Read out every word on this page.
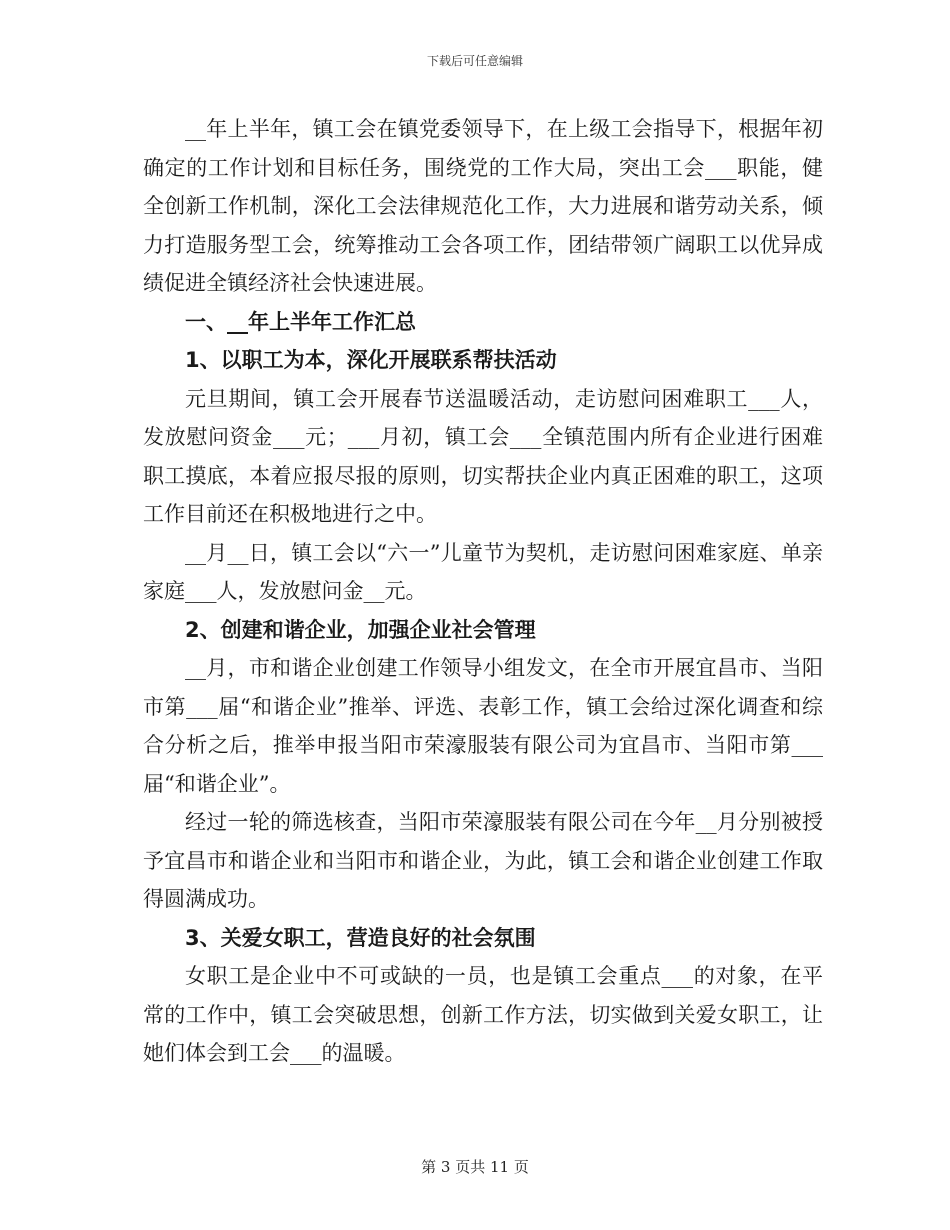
下载后可任意编辑

__年上半年，镇工会在镇党委领导下，在上级工会指导下，根据年初确定的工作计划和目标任务，围绕党的工作大局，突出工会___职能，健全创新工作机制，深化工会法律规范化工作，大力进展和谐劳动关系，倾力打造服务型工会，统筹推动工会各项工作，团结带领广阔职工以优异成绩促进全镇经济社会快速进展。

一、__年上半年工作汇总

1、以职工为本，深化开展联系帮扶活动

元旦期间，镇工会开展春节送温暖活动，走访慰问困难职工___人，发放慰问资金___元；___月初，镇工会___全镇范围内所有企业进行困难职工摸底，本着应报尽报的原则，切实帮扶企业内真正困难的职工，这项工作目前还在积极地进行之中。

__月__日，镇工会以“六一”儿童节为契机，走访慰问困难家庭、单亲家庭___人，发放慰问金__元。

2、创建和谐企业，加强企业社会管理

__月，市和谐企业创建工作领导小组发文，在全市开展宜昌市、当阳市第___届“和谐企业”推举、评选、表彰工作，镇工会给过深化调查和综合分析之后，推举申报当阳市荣濠服装有限公司为宜昌市、当阳市第___届“和谐企业”。

经过一轮的筛选核查，当阳市荣濠服装有限公司在今年__月分别被授予宜昌市和谐企业和当阳市和谐企业，为此，镇工会和谐企业创建工作取得圆满成功。

3、关爱女职工，营造良好的社会氛围

女职工是企业中不可或缺的一员，也是镇工会重点___的对象，在平常的工作中，镇工会突破思想，创新工作方法，切实做到关爱女职工，让她们体会到工会___的温暖。

第 3 页共 11 页
